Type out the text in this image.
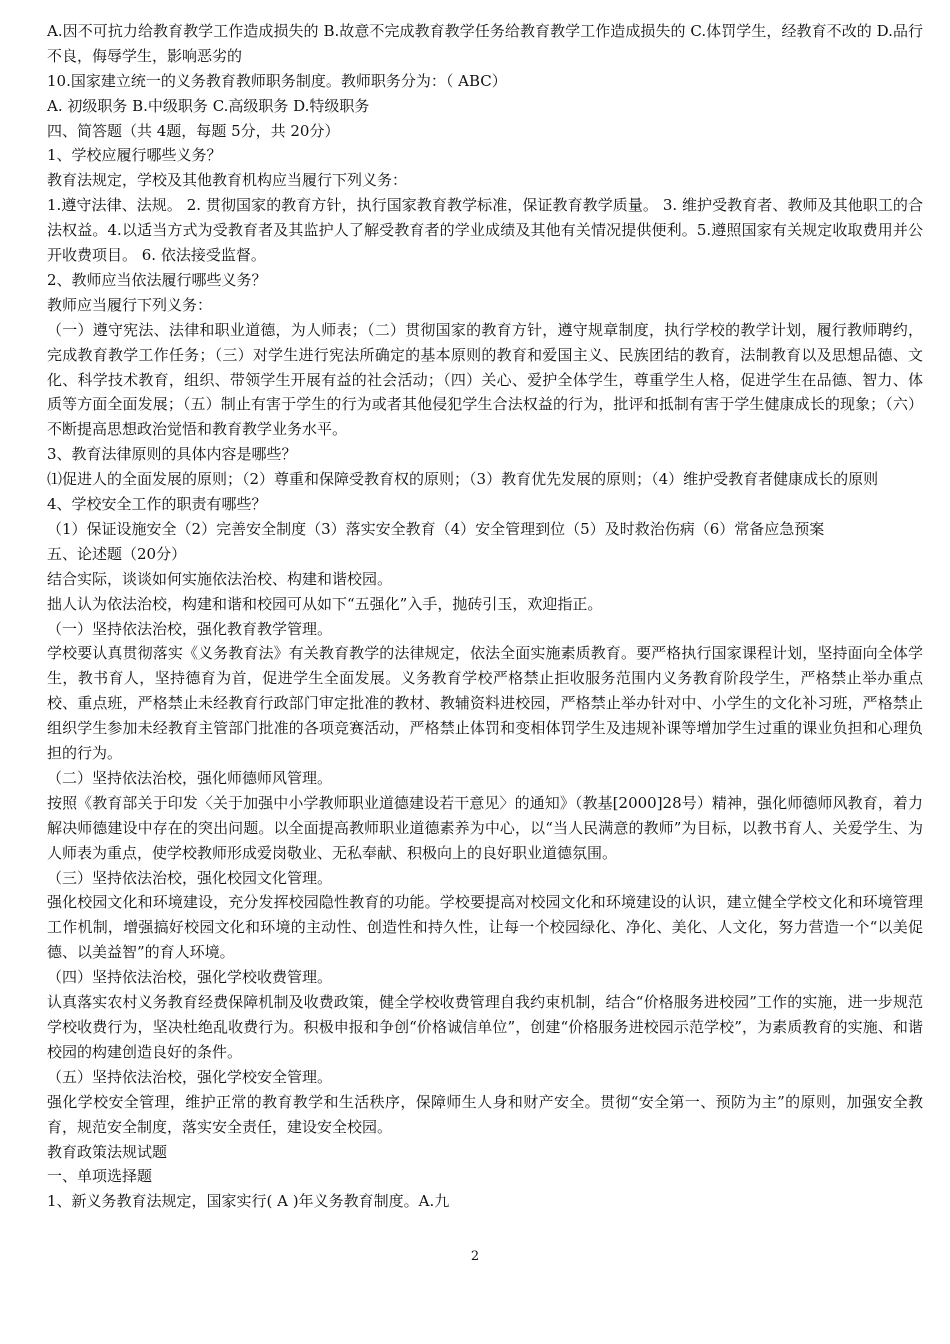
A.因不可抗力给教育教学工作造成损失的 B.故意不完成教育教学任务给教育教学工作造成损失的 C.体罚学生，经教育不改的 D.品行不良，侮辱学生，影响恶劣的
10.国家建立统一的义务教育教师职务制度。教师职务分为：（ ABC）
A. 初级职务 B.中级职务 C.高级职务 D.特级职务
四、简答题（共 4题，每题 5分，共 20分）
1、学校应履行哪些义务？
教育法规定，学校及其他教育机构应当履行下列义务：
1.遵守法律、法规。 2. 贯彻国家的教育方针，执行国家教育教学标准，保证教育教学质量。 3. 维护受教育者、教师及其他职工的合法权益。4.以适当方式为受教育者及其监护人了解受教育者的学业成绩及其他有关情况提供便利。5.遵照国家有关规定收取费用并公开收费项目。 6. 依法接受监督。
2、教师应当依法履行哪些义务？
教师应当履行下列义务：
（一）遵守宪法、法律和职业道德，为人师表；（二）贯彻国家的教育方针，遵守规章制度，执行学校的教学计划，履行教师聘约，完成教育教学工作任务；（三）对学生进行宪法所确定的基本原则的教育和爱国主义、民族团结的教育，法制教育以及思想品德、文化、科学技术教育，组织、带领学生开展有益的社会活动；（四）关心、爱护全体学生，尊重学生人格，促进学生在品德、智力、体质等方面全面发展；（五）制止有害于学生的行为或者其他侵犯学生合法权益的行为，批评和抵制有害于学生健康成长的现象；（六）不断提高思想政治觉悟和教育教学业务水平。
3、教育法律原则的具体内容是哪些？
⑴促进人的全面发展的原则；（2）尊重和保障受教育权的原则；（3）教育优先发展的原则；（4）维护受教育者健康成长的原则
4、学校安全工作的职责有哪些？
（1）保证设施安全（2）完善安全制度（3）落实安全教育（4）安全管理到位（5）及时救治伤病（6）常备应急预案
五、论述题（20分）
结合实际，谈谈如何实施依法治校、构建和谐校园。
拙人认为依法治校，构建和谐和校园可从如下“五强化”入手，抛砖引玉，欢迎指正。
（一）坚持依法治校，强化教育教学管理。
学校要认真贯彻落实《义务教育法》有关教育教学的法律规定，依法全面实施素质教育。要严格执行国家课程计划，坚持面向全体学生，教书育人，坚持德育为首，促进学生全面发展。义务教育学校严格禁止拒收服务范围内义务教育阶段学生，严格禁止举办重点校、重点班，严格禁止未经教育行政部门审定批准的教材、教辅资料进校园，严格禁止举办针对中、小学生的文化补习班，严格禁止组织学生参加未经教育主管部门批准的各项竞赛活动，严格禁止体罚和变相体罚学生及违规补课等增加学生过重的课业负担和心理负担的行为。
（二）坚持依法治校，强化师德师风管理。
按照《教育部关于印发〈关于加强中小学教师职业道德建设若干意见〉的通知》（教基[2000]28号）精神，强化师德师风教育，着力解决师德建设中存在的突出问题。以全面提高教师职业道德素养为中心，以“当人民满意的教师”为目标，以教书育人、关爱学生、为人师表为重点，使学校教师形成爱岗敬业、无私奉献、积极向上的良好职业道德氛围。
（三）坚持依法治校，强化校园文化管理。
强化校园文化和环境建设，充分发挥校园隐性教育的功能。学校要提高对校园文化和环境建设的认识，建立健全学校文化和环境管理工作机制，增强搞好校园文化和环境的主动性、创造性和持久性，让每一个校园绿化、净化、美化、人文化，努力营造一个“以美促德、以美益智”的育人环境。
（四）坚持依法治校，强化学校收费管理。
认真落实农村义务教育经费保障机制及收费政策，健全学校收费管理自我约束机制，结合“价格服务进校园”工作的实施，进一步规范学校收费行为，坚决杜绝乱收费行为。积极申报和争创“价格诚信单位”，创建“价格服务进校园示范学校”，为素质教育的实施、和谐校园的构建创造良好的条件。
（五）坚持依法治校，强化学校安全管理。
强化学校安全管理，维护正常的教育教学和生活秩序，保障师生人身和财产安全。贯彻“安全第一、预防为主”的原则，加强安全教育，规范安全制度，落实安全责任，建设安全校园。
教育政策法规试题
一、单项选择题
1、新义务教育法规定，国家实行( A )年义务教育制度。A.九
2
